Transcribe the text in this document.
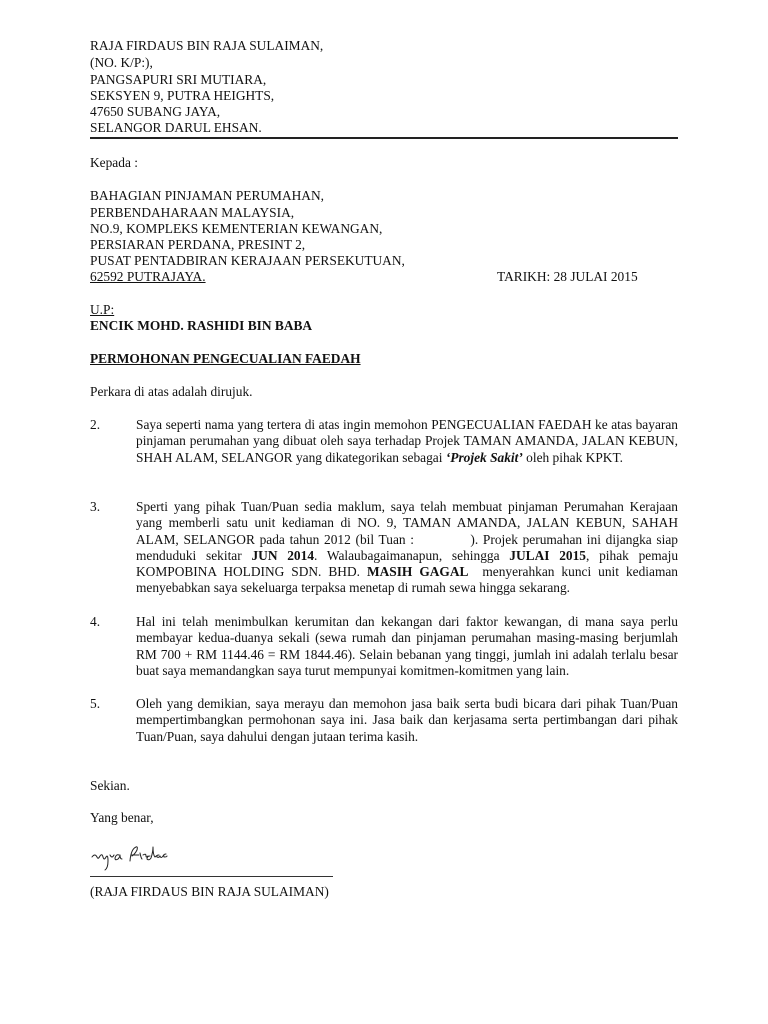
RAJA FIRDAUS BIN RAJA SULAIMAN,
(NO. K/P:),
PANGSAPURI SRI MUTIARA,
SEKSYEN 9, PUTRA HEIGHTS,
47650 SUBANG JAYA,
SELANGOR DARUL EHSAN.
Kepada :
BAHAGIAN PINJAMAN PERUMAHAN,
PERBENDAHARAAN MALAYSIA,
NO.9, KOMPLEKS KEMENTERIAN KEWANGAN,
PERSIARAN PERDANA, PRESINT 2,
PUSAT PENTADBIRAN KERAJAAN PERSEKUTUAN,
62592 PUTRAJAYA.	TARIKH: 28 JULAI 2015
U.P:
ENCIK MOHD. RASHIDI BIN BABA
PERMOHONAN PENGECUALIAN FAEDAH
Perkara di atas adalah dirujuk.
2.	Saya seperti nama yang tertera di atas ingin memohon PENGECUALIAN FAEDAH ke atas bayaran pinjaman perumahan yang dibuat oleh saya terhadap Projek TAMAN AMANDA, JALAN KEBUN, SHAH ALAM, SELANGOR yang dikategorikan sebagai ‘Projek Sakit’ oleh pihak KPKT.

3.	Sperti yang pihak Tuan/Puan sedia maklum, saya telah membuat pinjaman Perumahan Kerajaan yang memberli satu unit kediaman di NO. 9, TAMAN AMANDA, JALAN KEBUN, SAHAH ALAM, SELANGOR pada tahun 2012 (bil Tuan :            ). Projek perumahan ini dijangka siap menduduki sekitar JUN 2014. Walaubagaimanapun, sehingga JULAI 2015, pihak pemaju KOMPOBINA HOLDING SDN. BHD. MASIH GAGAL  menyerahkan kunci unit kediaman menyebabkan saya sekeluarga terpaksa menetap di rumah sewa hingga sekarang.

4.	Hal ini telah menimbulkan kerumitan dan kekangan dari faktor kewangan, di mana saya perlu membayar kedua-duanya sekali (sewa rumah dan pinjaman perumahan masing-masing berjumlah RM 700 + RM 1144.46 = RM 1844.46). Selain bebanan yang tinggi, jumlah ini adalah terlalu besar buat saya memandangkan saya turut mempunyai komitmen-komitmen yang lain.

5.	Oleh yang demikian, saya merayu dan memohon jasa baik serta budi bicara dari pihak Tuan/Puan mempertimbangkan permohonan saya ini. Jasa baik dan kerjasama serta pertimbangan dari pihak Tuan/Puan, saya dahului dengan jutaan terima kasih.

Sekian.
Yang benar,
(RAJA FIRDAUS BIN RAJA SULAIMAN)
